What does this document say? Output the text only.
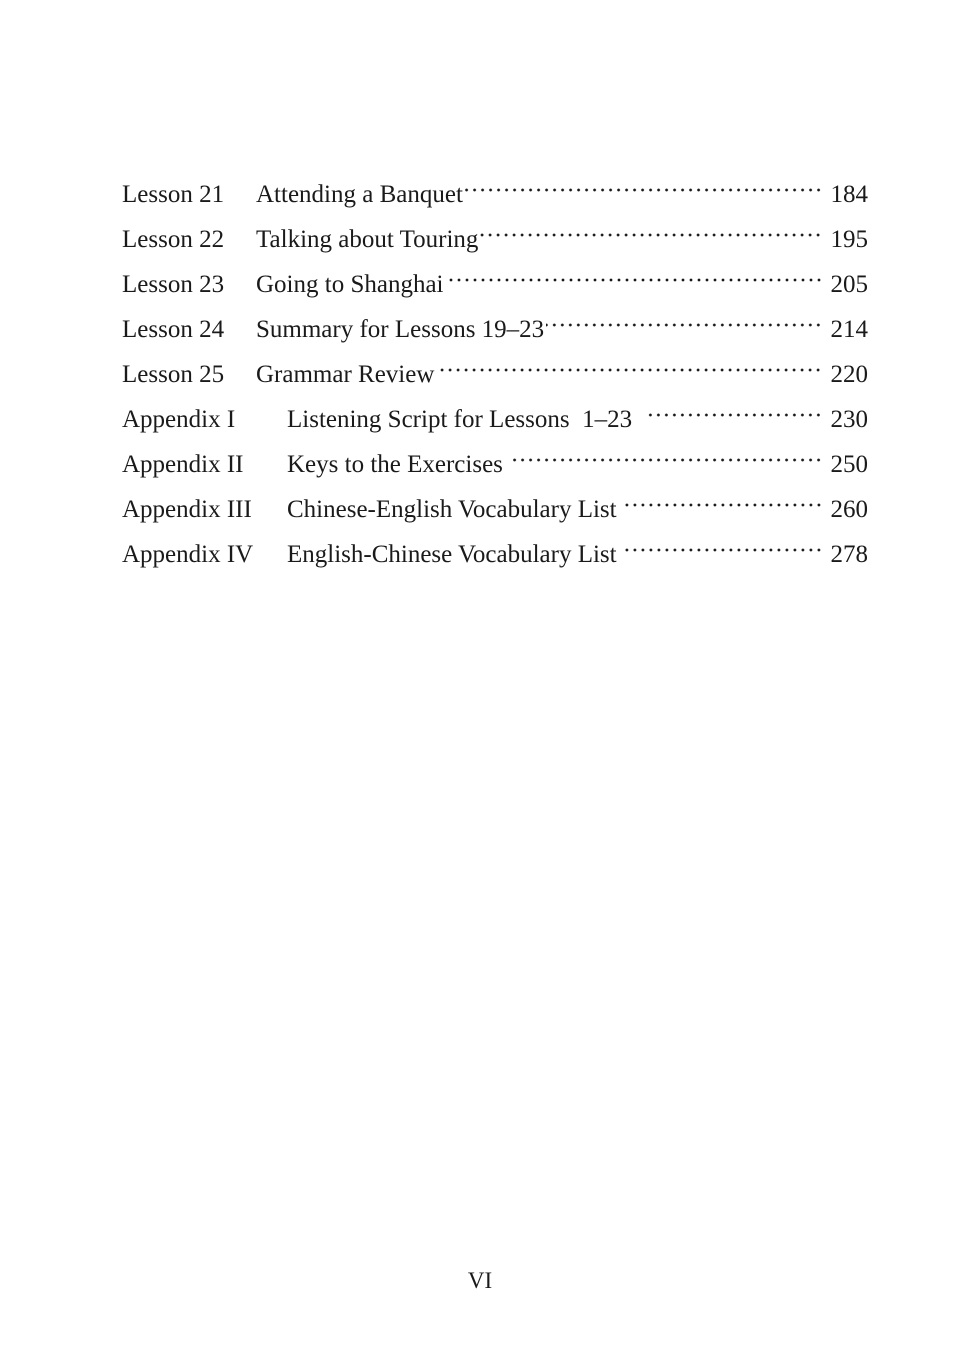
Lesson 21	Attending a Banquet	184
Lesson 22	Talking about Touring	195
Lesson 23	Going to Shanghai	205
Lesson 24	Summary for Lessons 19–23	214
Lesson 25	Grammar Review	220
Appendix I	Listening Script for Lessons  1–23	230
Appendix II	Keys to the Exercises	250
Appendix III	Chinese-English Vocabulary List	260
Appendix IV	English-Chinese Vocabulary List	278
VI
